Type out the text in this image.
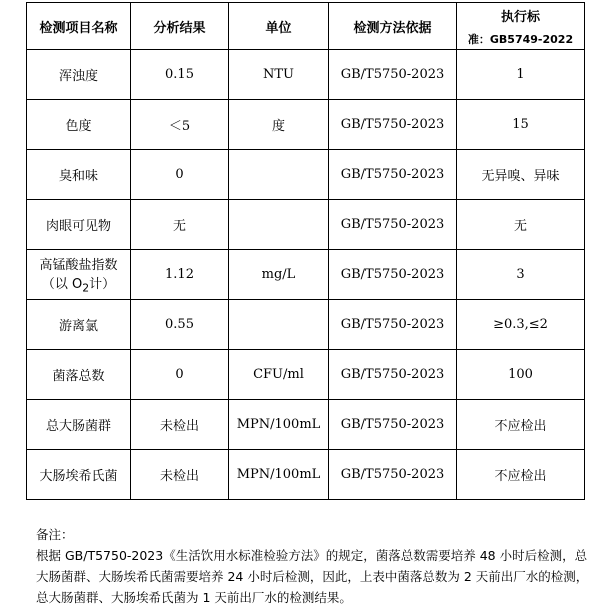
检测项目名称	分析结果	单位	检测方法依据	执行标
准：GB5749-2022

浑浊度	0.15	NTU	GB/T5750-2023	1
色度	＜5	度	GB/T5750-2023	15
臭和味	0		GB/T5750-2023	无异嗅、异味
肉眼可见物	无		GB/T5750-2023	无

高锰酸盐指数
（以 $O_2$计）	1.12	mg/L	GB/T5750-2023	3
游离氯	0.55		GB/T5750-2023	≥0.3,≤2
菌落总数	0	CFU/ml	GB/T5750-2023	100
总大肠菌群	未检出	MPN/100mL	GB/T5750-2023	不应检出
大肠埃希氏菌	未检出	MPN/100mL	GB/T5750-2023	不应检出

备注：

根据 GB/T5750-2023《生活饮用水标准检验方法》的规定，菌落总数需要培养 48 小时后检测，总大肠菌群、大肠埃希氏菌需要培养 24 小时后检测，因此，上表中菌落总数为 2 天前出厂水的检测，总大肠菌群、大肠埃希氏菌为 1 天前出厂水的检测结果。
